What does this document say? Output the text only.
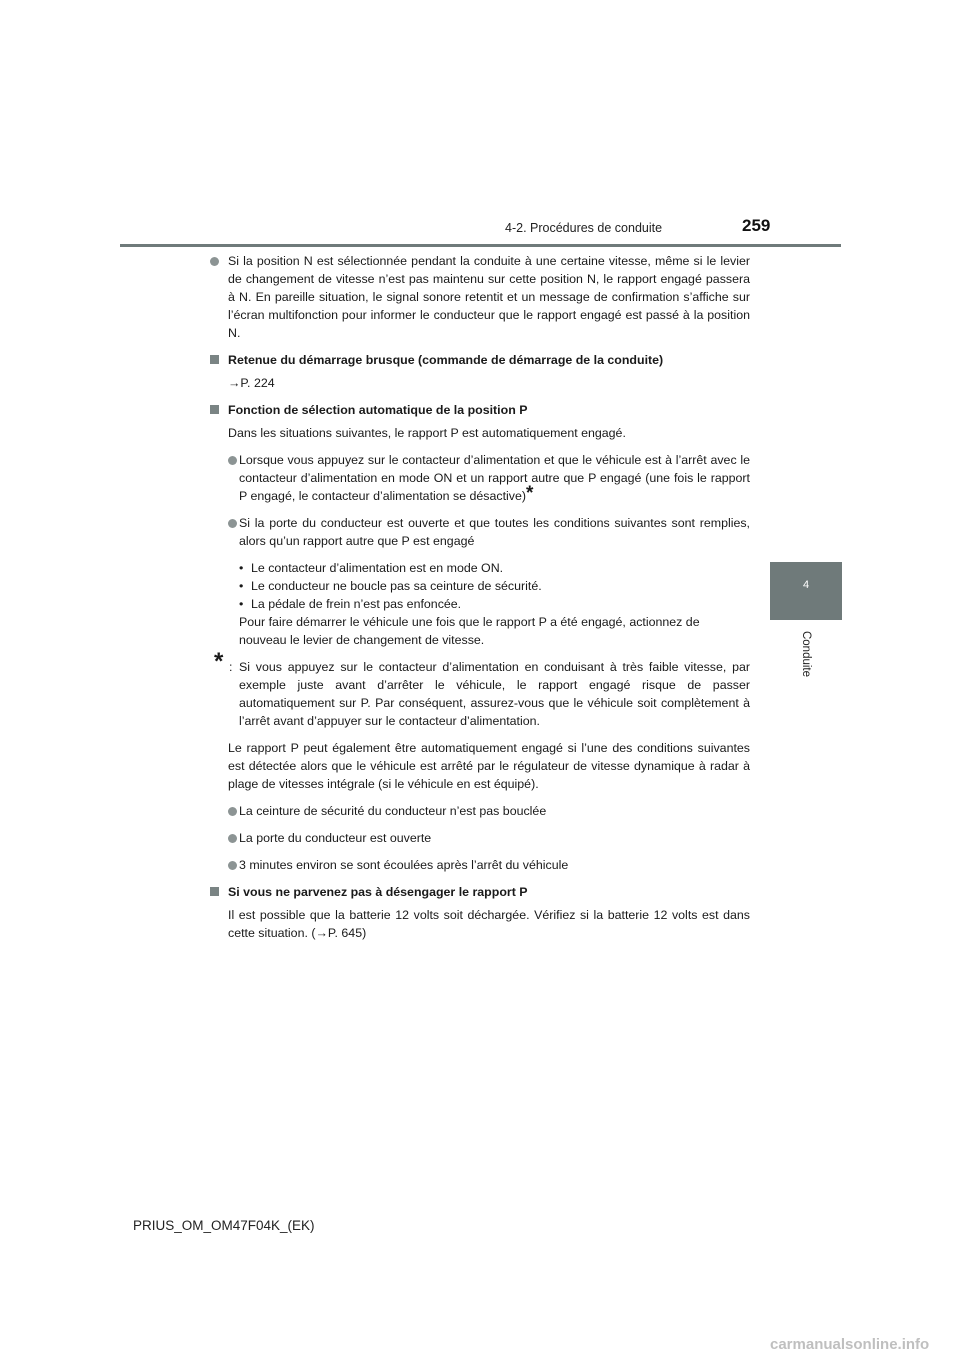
4-2. Procédures de conduite	259
4
Conduite
Si la position N est sélectionnée pendant la conduite à une certaine vitesse, même si le levier de changement de vitesse n’est pas maintenu sur cette position N, le rapport engagé passera à N. En pareille situation, le signal sonore retentit et un message de confirmation s’affiche sur l’écran multifonction pour informer le conducteur que le rapport engagé est passé à la position N.
Retenue du démarrage brusque (commande de démarrage de la conduite)
→P. 224
Fonction de sélection automatique de la position P
Dans les situations suivantes, le rapport P est automatiquement engagé.
Lorsque vous appuyez sur le contacteur d’alimentation et que le véhicule est à l’arrêt avec le contacteur d’alimentation en mode ON et un rapport autre que P engagé (une fois le rapport P engagé, le contacteur d’alimentation se désactive)*
Si la porte du conducteur est ouverte et que toutes les conditions suivantes sont remplies, alors qu’un rapport autre que P est engagé
• Le contacteur d’alimentation est en mode ON.
• Le conducteur ne boucle pas sa ceinture de sécurité.
• La pédale de frein n’est pas enfoncée.
Pour faire démarrer le véhicule une fois que le rapport P a été engagé, actionnez de nouveau le levier de changement de vitesse.
* : Si vous appuyez sur le contacteur d’alimentation en conduisant à très faible vitesse, par exemple juste avant d’arrêter le véhicule, le rapport engagé risque de passer automatiquement sur P. Par conséquent, assurez-vous que le véhicule soit complètement à l’arrêt avant d’appuyer sur le contacteur d’alimentation.
Le rapport P peut également être automatiquement engagé si l’une des conditions suivantes est détectée alors que le véhicule est arrêté par le régulateur de vitesse dynamique à radar à plage de vitesses intégrale (si le véhicule en est équipé).
La ceinture de sécurité du conducteur n’est pas bouclée
La porte du conducteur est ouverte
3 minutes environ se sont écoulées après l’arrêt du véhicule
Si vous ne parvenez pas à désengager le rapport P
Il est possible que la batterie 12 volts soit déchargée. Vérifiez si la batterie 12 volts est dans cette situation. (→P. 645)
PRIUS_OM_OM47F04K_(EK)
carmanualsonline.info
